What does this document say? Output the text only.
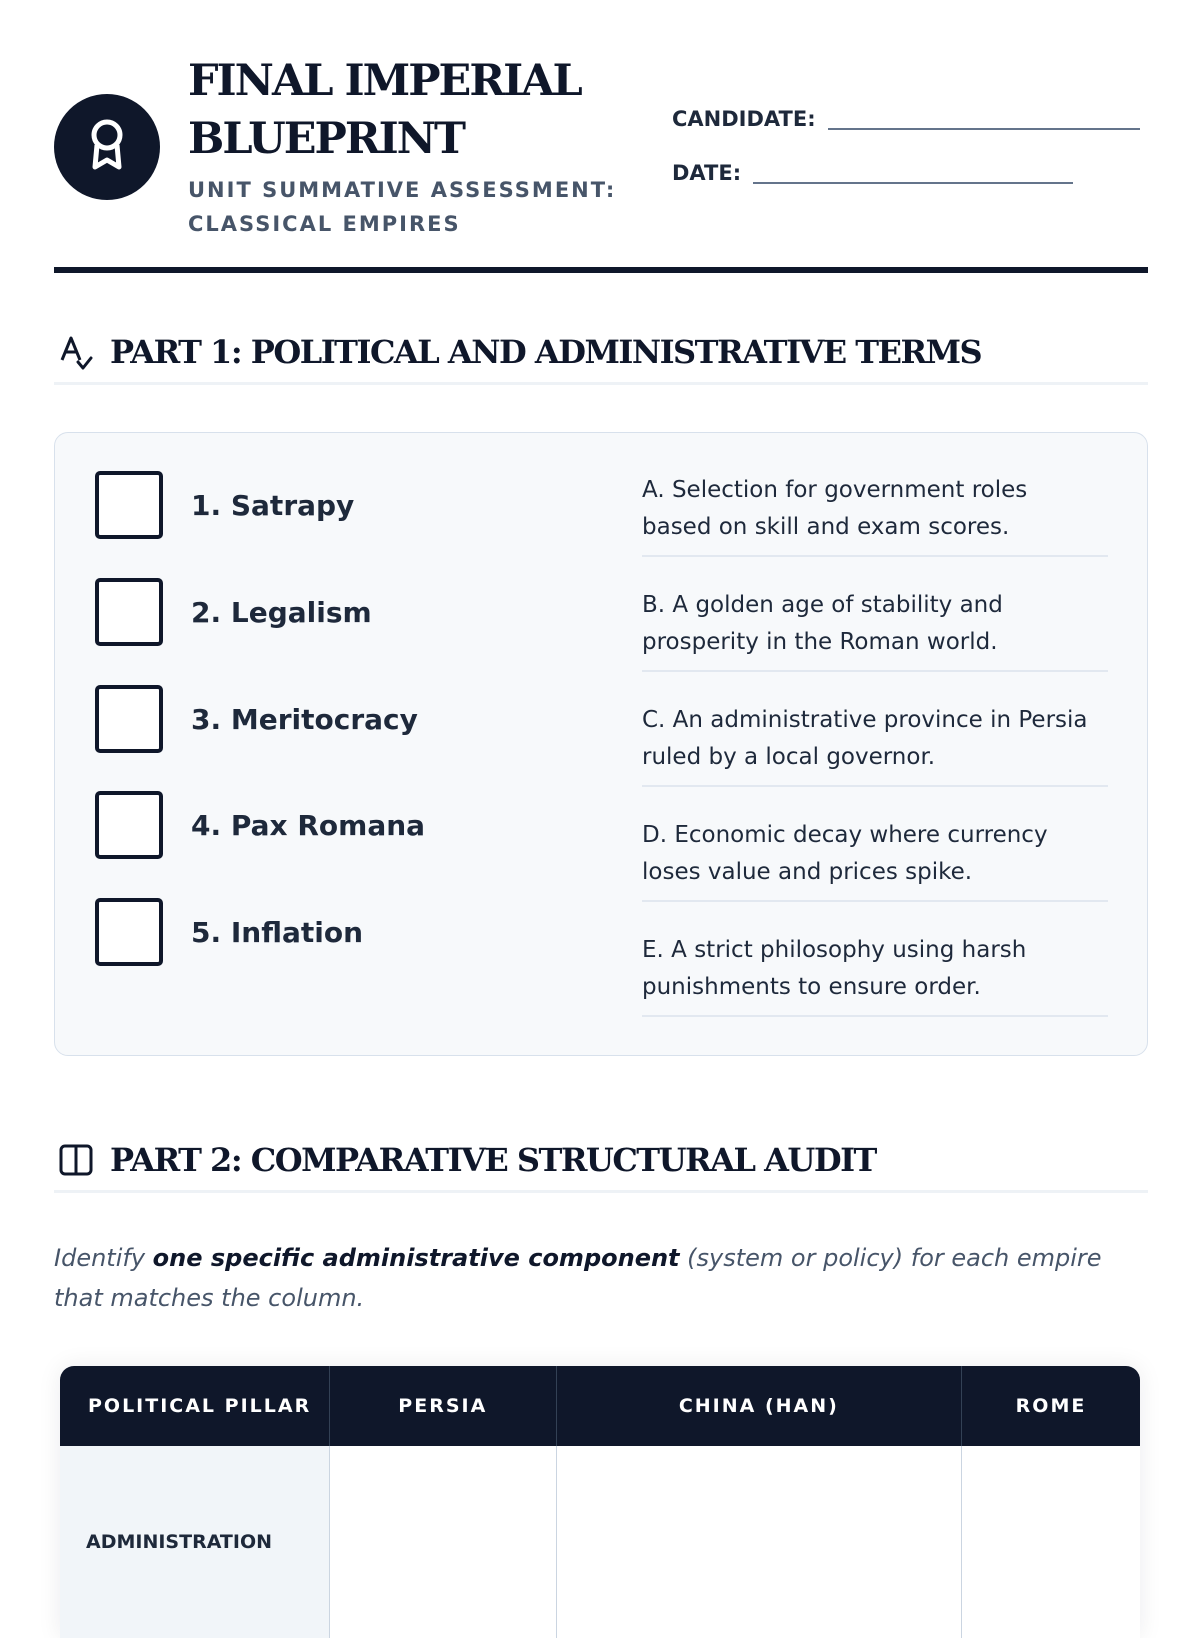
FINAL IMPERIAL
BLUEPRINT
UNIT SUMMATIVE ASSESSMENT:
CLASSICAL EMPIRES
CANDIDATE:
DATE:
PART 1: POLITICAL AND ADMINISTRATIVE TERMS
1. Satrapy
2. Legalism
3. Meritocracy
4. Pax Romana
5. Inflation
A. Selection for government roles
based on skill and exam scores.
B. A golden age of stability and
prosperity in the Roman world.
C. An administrative province in Persia
ruled by a local governor.
D. Economic decay where currency
loses value and prices spike.
E. A strict philosophy using harsh
punishments to ensure order.
PART 2: COMPARATIVE STRUCTURAL AUDIT
Identify one specific administrative component (system or policy) for each empire that matches the column.
POLITICAL PILLAR	PERSIA	CHINA (HAN)	ROME
ADMINISTRATION			
